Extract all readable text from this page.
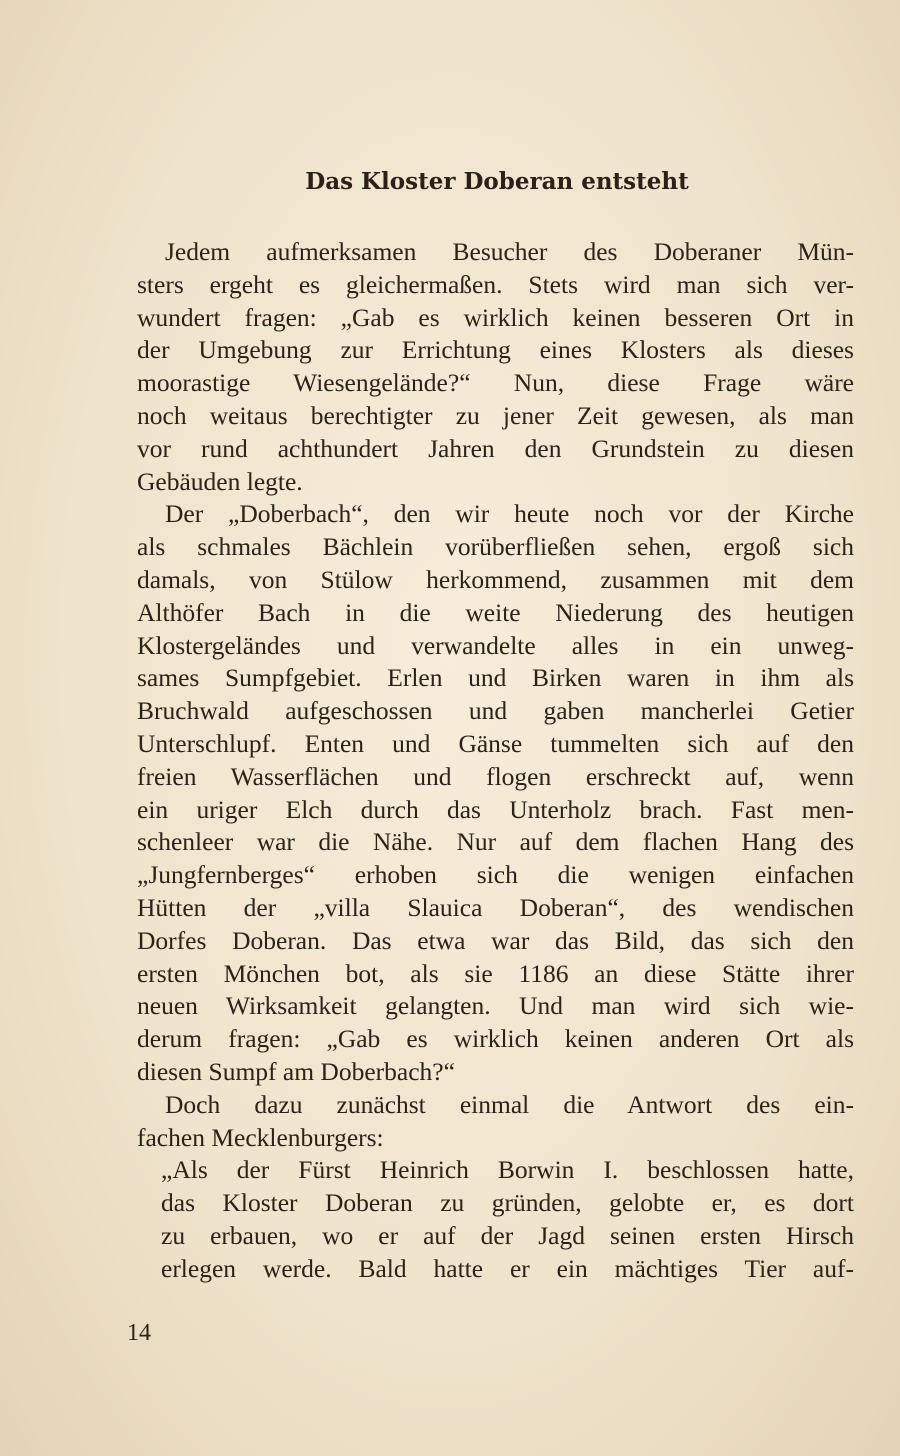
Das Kloster Doberan entsteht
Jedem aufmerksamen Besucher des Doberaner Mün-
sters ergeht es gleichermaßen. Stets wird man sich ver-
wundert fragen: „Gab es wirklich keinen besseren Ort in
der Umgebung zur Errichtung eines Klosters als dieses
moorastige Wiesengelände?“ Nun, diese Frage wäre
noch weitaus berechtigter zu jener Zeit gewesen, als man
vor rund achthundert Jahren den Grundstein zu diesen
Gebäuden legte.
Der „Doberbach“, den wir heute noch vor der Kirche
als schmales Bächlein vorüberfließen sehen, ergoß sich
damals, von Stülow herkommend, zusammen mit dem
Althöfer Bach in die weite Niederung des heutigen
Klostergeländes und verwandelte alles in ein unweg-
sames Sumpfgebiet. Erlen und Birken waren in ihm als
Bruchwald aufgeschossen und gaben mancherlei Getier
Unterschlupf. Enten und Gänse tummelten sich auf den
freien Wasserflächen und flogen erschreckt auf, wenn
ein uriger Elch durch das Unterholz brach. Fast men-
schenleer war die Nähe. Nur auf dem flachen Hang des
„Jungfernberges“ erhoben sich die wenigen einfachen
Hütten der „villa Slauica Doberan“, des wendischen
Dorfes Doberan. Das etwa war das Bild, das sich den
ersten Mönchen bot, als sie 1186 an diese Stätte ihrer
neuen Wirksamkeit gelangten. Und man wird sich wie-
derum fragen: „Gab es wirklich keinen anderen Ort als
diesen Sumpf am Doberbach?“
Doch dazu zunächst einmal die Antwort des ein-
fachen Mecklenburgers:
„Als der Fürst Heinrich Borwin I. beschlossen hatte,
das Kloster Doberan zu gründen, gelobte er, es dort
zu erbauen, wo er auf der Jagd seinen ersten Hirsch
erlegen werde. Bald hatte er ein mächtiges Tier auf-
14
